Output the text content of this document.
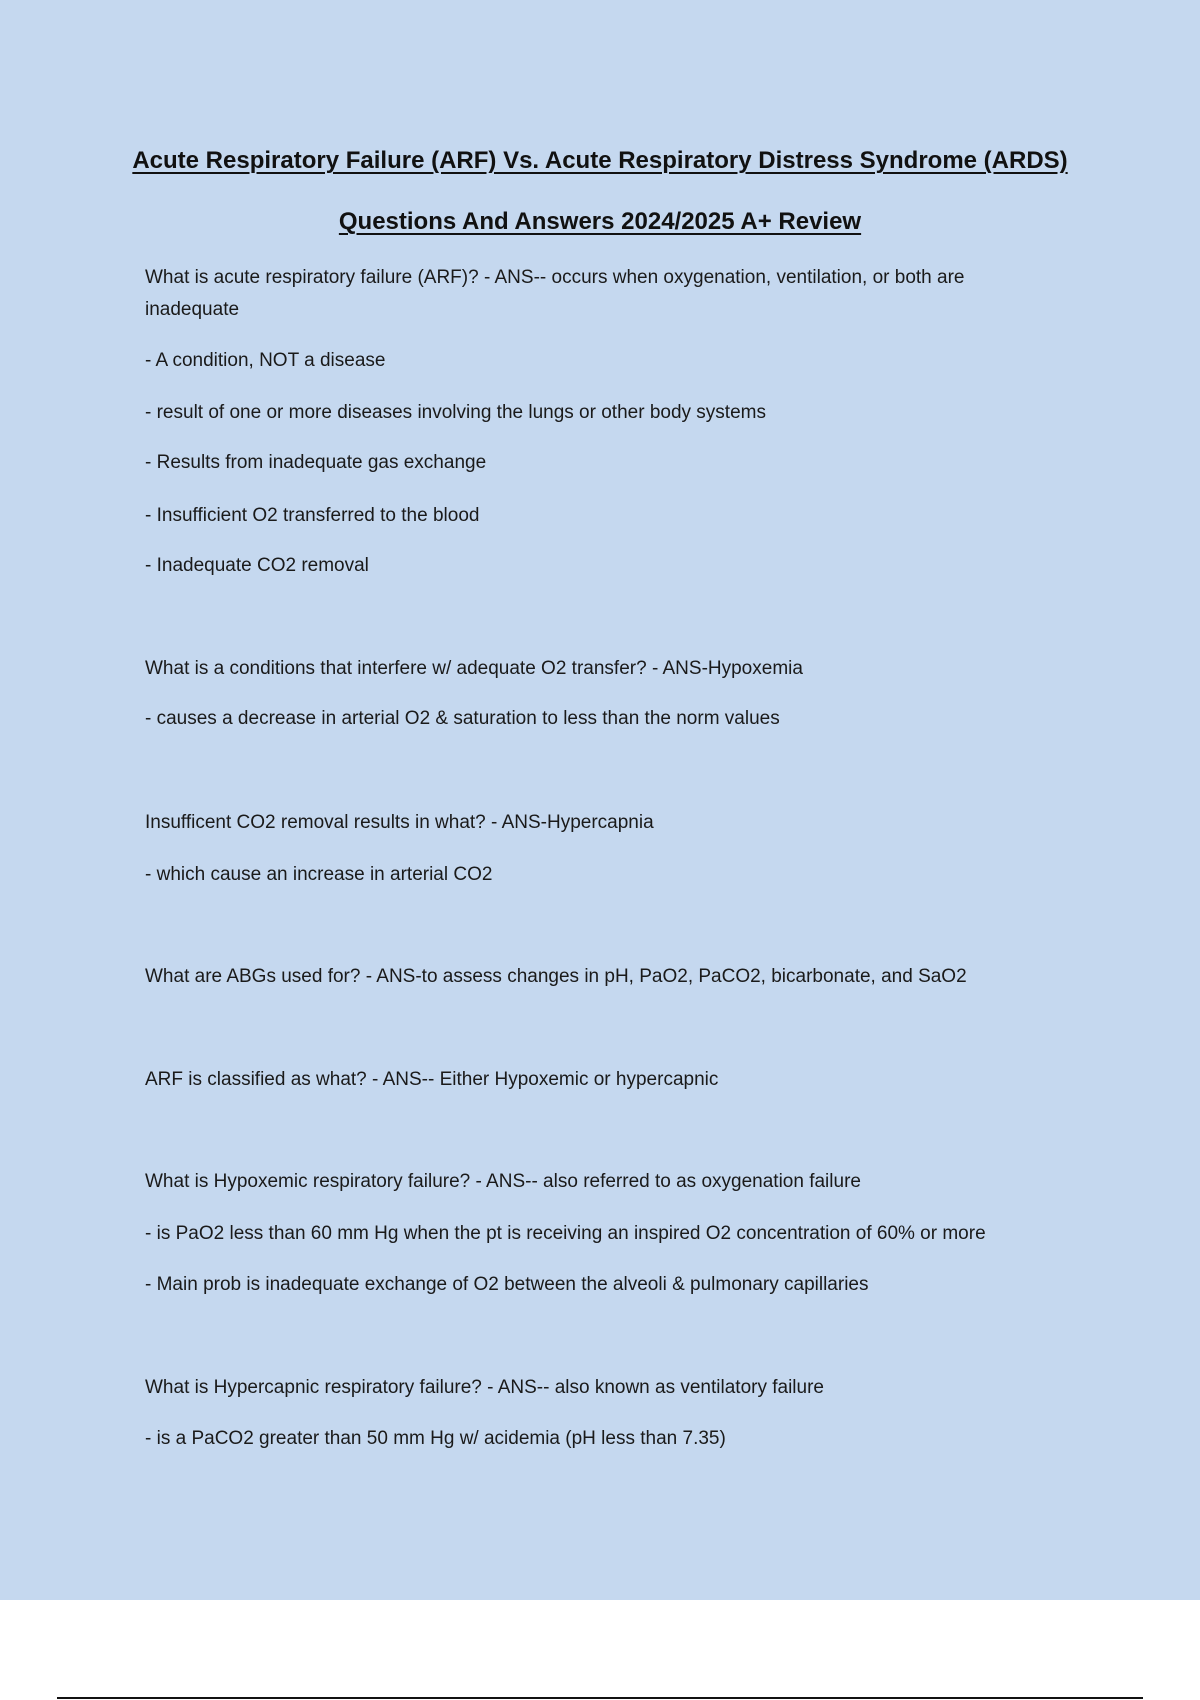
Acute Respiratory Failure (ARF) Vs. Acute Respiratory Distress Syndrome (ARDS)
Questions And Answers 2024/2025 A+ Review
What is acute respiratory failure (ARF)? - ANS-- occurs when oxygenation, ventilation, or both are
inadequate
- A condition, NOT a disease
- result of one or more diseases involving the lungs or other body systems
- Results from inadequate gas exchange
- Insufficient O2 transferred to the blood
- Inadequate CO2 removal
What is a conditions that interfere w/ adequate O2 transfer? - ANS-Hypoxemia
- causes a decrease in arterial O2 & saturation to less than the norm values
Insufficent CO2 removal results in what? - ANS-Hypercapnia
- which cause an increase in arterial CO2
What are ABGs used for? - ANS-to assess changes in pH, PaO2, PaCO2, bicarbonate, and SaO2
ARF is classified as what? - ANS-- Either Hypoxemic or hypercapnic
What is Hypoxemic respiratory failure? - ANS-- also referred to as oxygenation failure
- is PaO2 less than 60 mm Hg when the pt is receiving an inspired O2 concentration of 60% or more
- Main prob is inadequate exchange of O2 between the alveoli & pulmonary capillaries
What is Hypercapnic respiratory failure? - ANS-- also known as ventilatory failure
- is a PaCO2 greater than 50 mm Hg w/ acidemia (pH less than 7.35)
